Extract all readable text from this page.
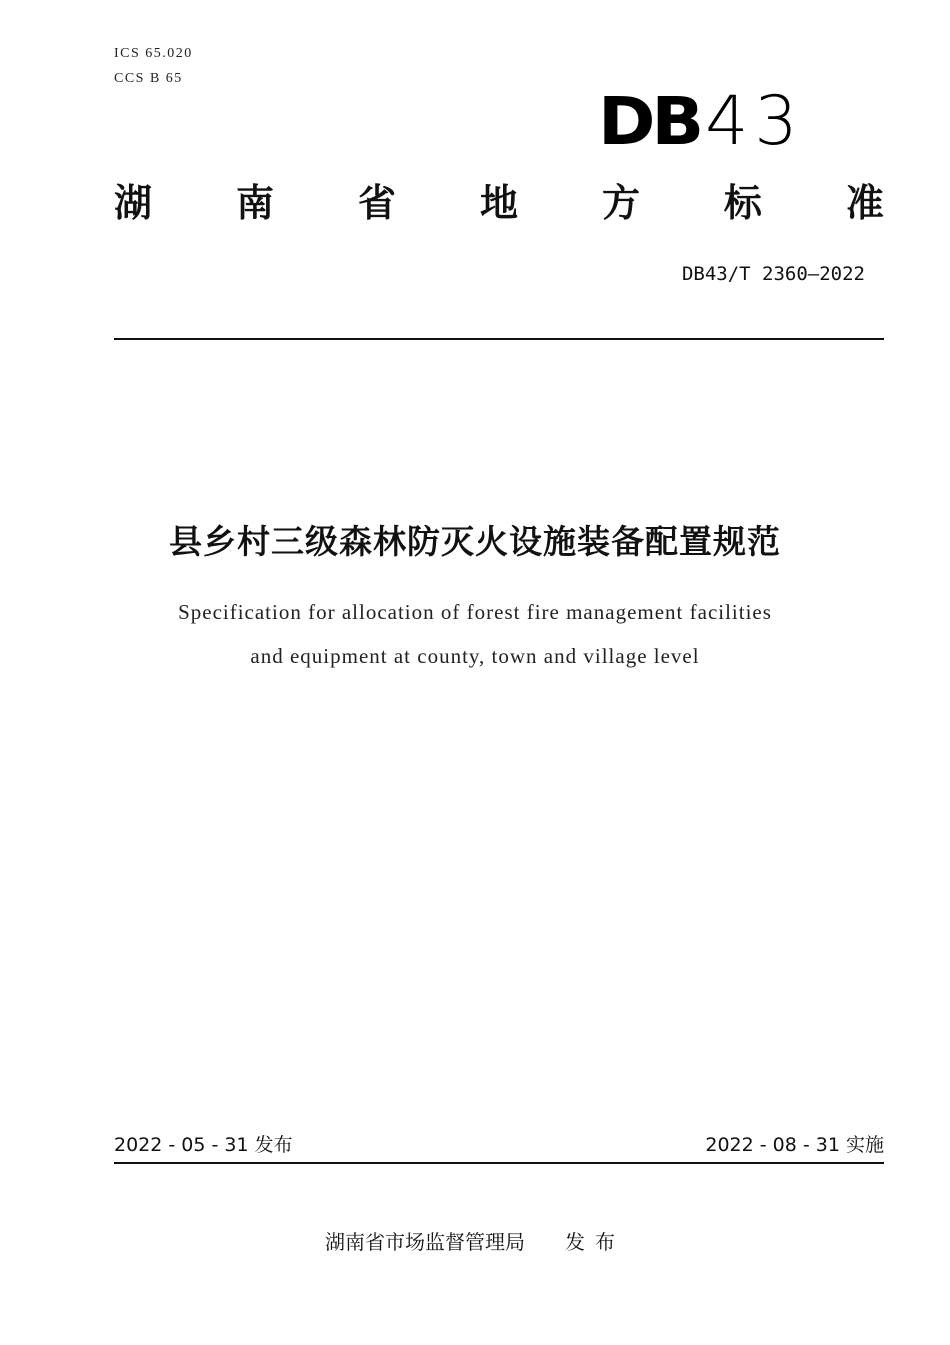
ICS 65.020
CCS B 65
DB 43
湖 南 省 地 方 标 准
DB43/T 2360—2022
县乡村三级森林防灭火设施装备配置规范
Specification for allocation of forest fire management facilities
and equipment at county, town and village level
2022 - 05 - 31 发布	2022 - 08 - 31 实施
湖南省市场监督管理局 发布
